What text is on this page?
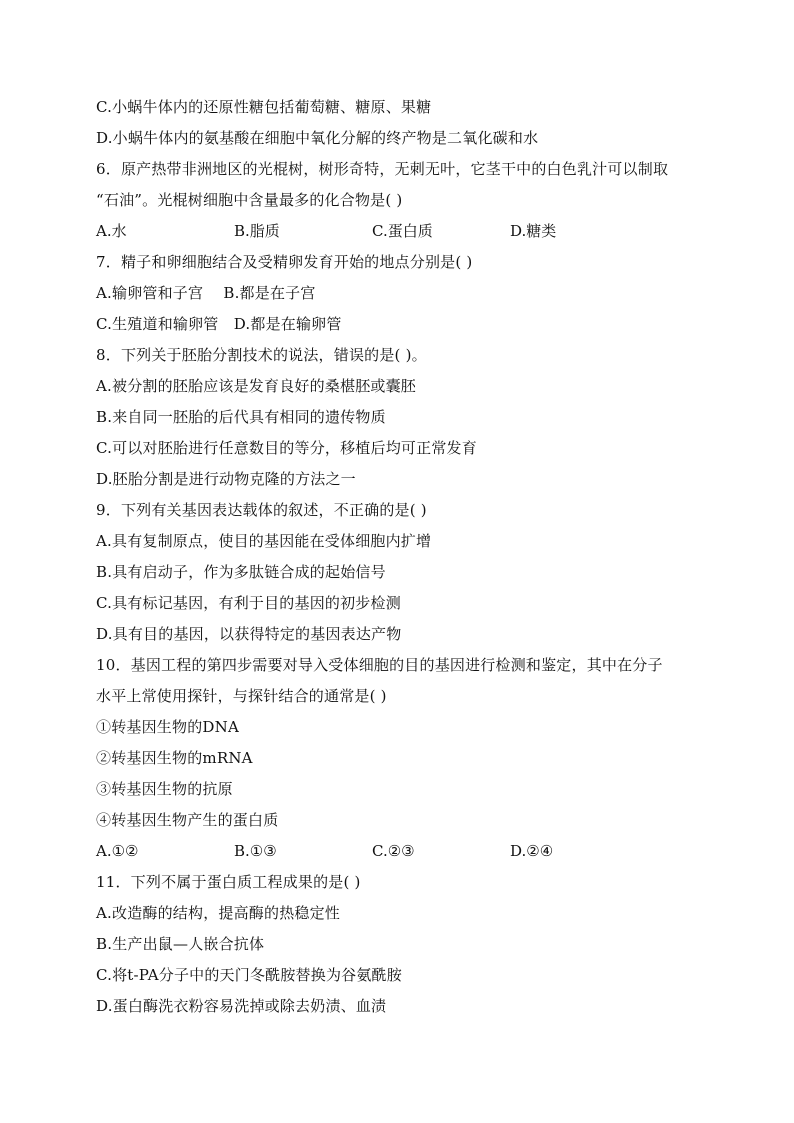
C.小蜗牛体内的还原性糖包括葡萄糖、糖原、果糖
D.小蜗牛体内的氨基酸在细胞中氧化分解的终产物是二氧化碳和水
6．原产热带非洲地区的光棍树，树形奇特，无刺无叶，它茎干中的白色乳汁可以制取
“石油”。光棍树细胞中含量最多的化合物是( )
A.水	B.脂质	C.蛋白质	D.糖类
7．精子和卵细胞结合及受精卵发育开始的地点分别是( )
A.输卵管和子宫　 B.都是在子宫
C.生殖道和输卵管　D.都是在输卵管
8．下列关于胚胎分割技术的说法，错误的是( )。
A.被分割的胚胎应该是发育良好的桑椹胚或囊胚
B.来自同一胚胎的后代具有相同的遗传物质
C.可以对胚胎进行任意数目的等分，移植后均可正常发育
D.胚胎分割是进行动物克隆的方法之一
9．下列有关基因表达载体的叙述，不正确的是( )
A.具有复制原点，使目的基因能在受体细胞内扩增
B.具有启动子，作为多肽链合成的起始信号
C.具有标记基因，有利于目的基因的初步检测
D.具有目的基因，以获得特定的基因表达产物
10．基因工程的第四步需要对导入受体细胞的目的基因进行检测和鉴定，其中在分子
水平上常使用探针，与探针结合的通常是( )
①转基因生物的DNA
②转基因生物的mRNA
③转基因生物的抗原
④转基因生物产生的蛋白质
A.①②	B.①③	C.②③	D.②④
11．下列不属于蛋白质工程成果的是( )
A.改造酶的结构，提高酶的热稳定性
B.生产出鼠—人嵌合抗体
C.将t-PA分子中的天门冬酰胺替换为谷氨酰胺
D.蛋白酶洗衣粉容易洗掉或除去奶渍、血渍
